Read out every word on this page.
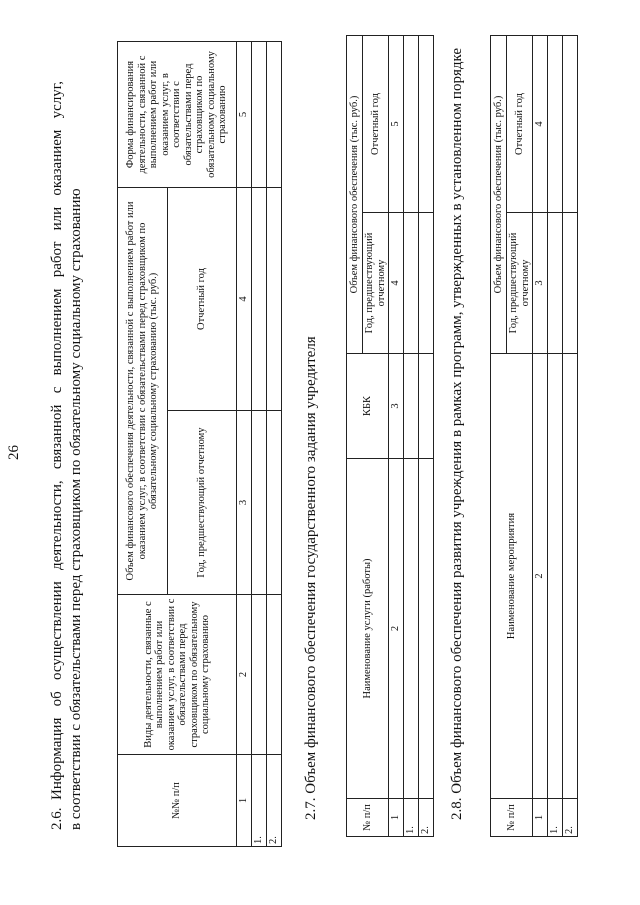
26 2.6.  Информация   об   осуществлении   деятельности,   связанной   с   выполнением   работ   или   оказанием   услуг, в соответствии с обязательствами перед страховщиком по обязательному социальному страхованию	№№ п/п	Виды деятельности, связанные с выполнением работ или оказанием услуг, в соответствии с обязательствами перед страховщиком по обязательному социальному страхованию	Объем финансового обеспечения деятельности, связанной с выполнением работ или оказанием услуг, в соответствии с обязательствами перед страховщиком по обязательному социальному страхованию (тыс. руб.)		Форма финансирования деятельности, связанной с выполнением работ или оказанием услуг, в соответствии с обязательствами перед страховщиком по обязательному социальному страхованию
		Год, предшествующий отчетному	Отчетный год	
1	2	3	4	5
1.				
2.				
2.7. Объем финансового обеспечения государственного задания учредителя	№ п/п	Наименование услуги (работы)	КБК	Объем финансового обеспечения (тыс. руб.)	
			Год, предшествующий отчетному	Отчетный год
1	2	3	4	5
1.				
2.				
2.8. Объем финансового обеспечения развития учреждения в рамках программ, утвержденных в установленном порядке	№ п/п	Наименование мероприятия	Объем финансового обеспечения (тыс. руб.)	
		Год, предшествующий отчетному	Отчетный год
1	2	3	4
1.			
2.			
